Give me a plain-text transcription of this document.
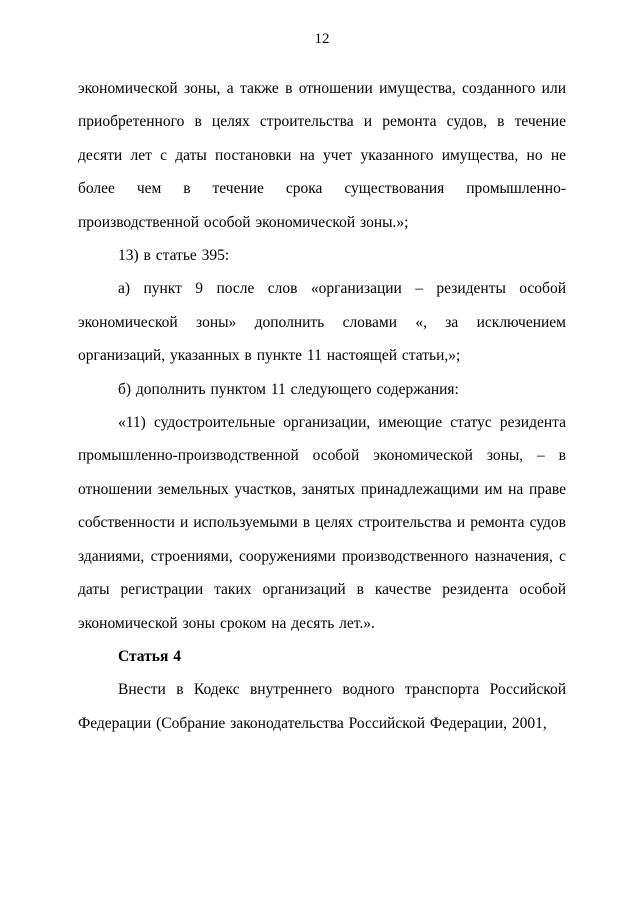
12

экономической зоны, а также в отношении имущества, созданного или приобретенного в целях строительства и ремонта судов, в течение десяти лет с даты постановки на учет указанного имущества, но не более чем в течение срока существования промышленно-производственной особой экономической зоны.»;

13) в статье 395:

а) пункт 9 после слов «организации – резиденты особой экономической зоны» дополнить словами «, за исключением организаций, указанных в пункте 11 настоящей статьи,»;

б) дополнить пунктом 11 следующего содержания:

«11) судостроительные организации, имеющие статус резидента промышленно-производственной особой экономической зоны, – в отношении земельных участков, занятых принадлежащими им на праве собственности и используемыми в целях строительства и ремонта судов зданиями, строениями, сооружениями производственного назначения, с даты регистрации таких организаций в качестве резидента особой экономической зоны сроком на десять лет.».

Статья 4

Внести в Кодекс внутреннего водного транспорта Российской Федерации (Собрание законодательства Российской Федерации, 2001,
